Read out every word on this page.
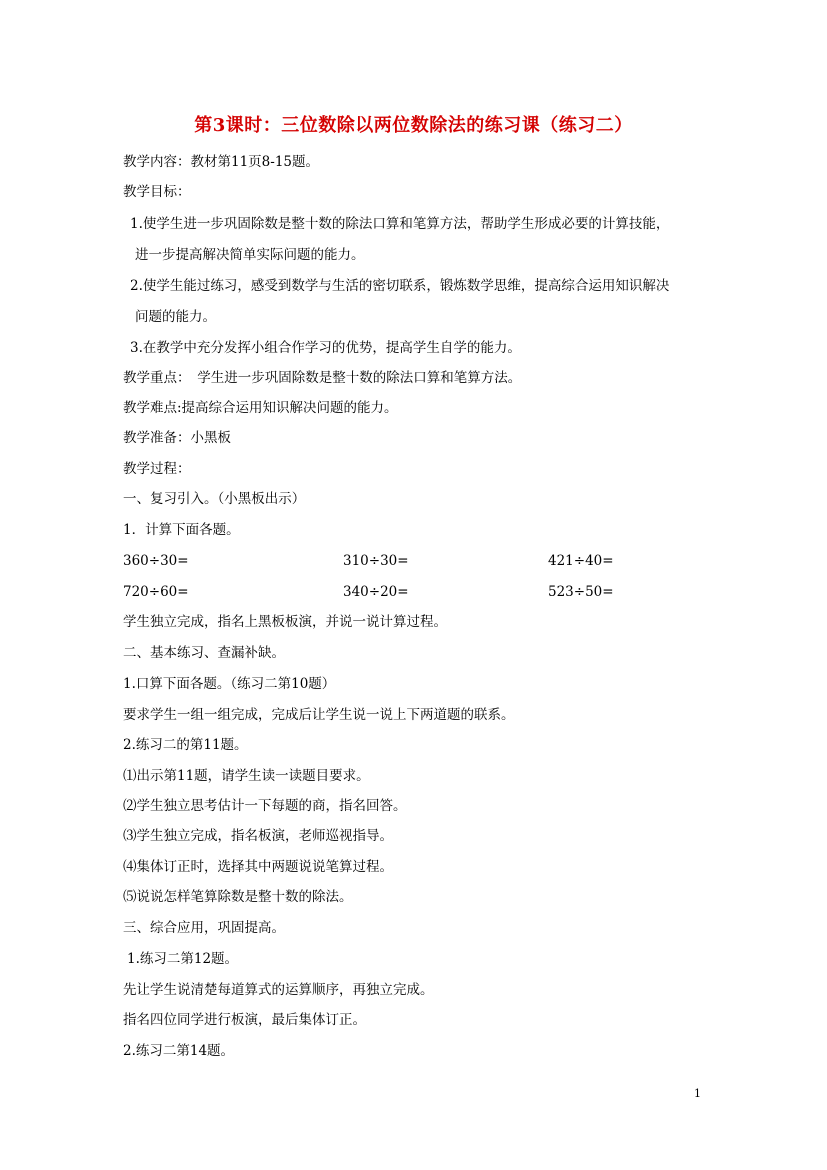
第3课时：三位数除以两位数除法的练习课（练习二）
教学内容：教材第11页8-15题。
教学目标：
1.使学生进一步巩固除数是整十数的除法口算和笔算方法，帮助学生形成必要的计算技能，
进一步提高解决简单实际问题的能力。
2.使学生能过练习，感受到数学与生活的密切联系，锻炼数学思维，提高综合运用知识解决
问题的能力。
3.在教学中充分发挥小组合作学习的优势，提高学生自学的能力。
教学重点：　学生进一步巩固除数是整十数的除法口算和笔算方法。
教学难点:提高综合运用知识解决问题的能力。
教学准备：小黑板
教学过程：
一、复习引入。（小黑板出示）
1．计算下面各题。
360÷30=	310÷30=	421÷40=
720÷60=	340÷20=	523÷50=
学生独立完成，指名上黑板板演，并说一说计算过程。
二、基本练习、查漏补缺。
1.口算下面各题。（练习二第10题）
要求学生一组一组完成，完成后让学生说一说上下两道题的联系。
2.练习二的第11题。
⑴出示第11题，请学生读一读题目要求。
⑵学生独立思考估计一下每题的商，指名回答。
⑶学生独立完成，指名板演，老师巡视指导。
⑷集体订正时，选择其中两题说说笔算过程。
⑸说说怎样笔算除数是整十数的除法。
三、综合应用，巩固提高。
1.练习二第12题。
先让学生说清楚每道算式的运算顺序，再独立完成。
指名四位同学进行板演，最后集体订正。
2.练习二第14题。
1
